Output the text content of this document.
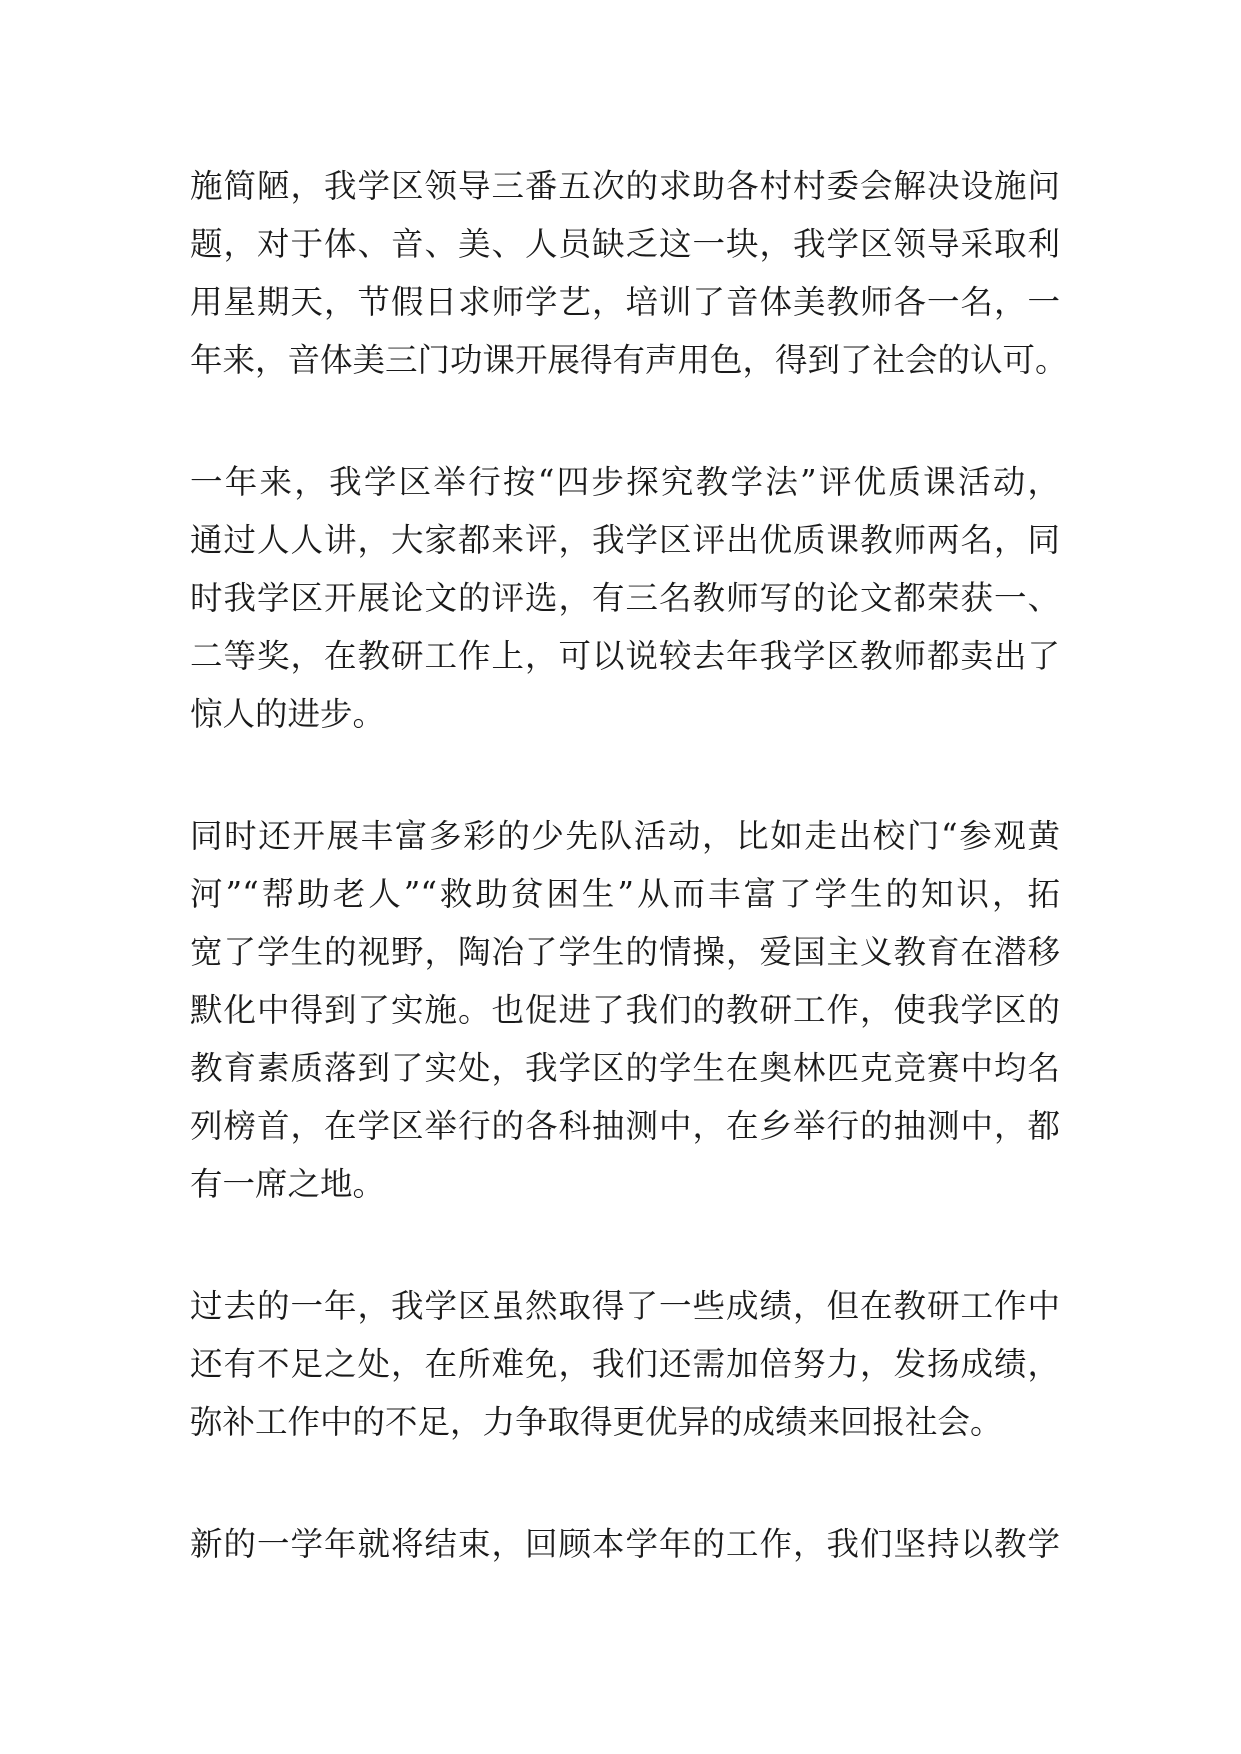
施简陋，我学区领导三番五次的求助各村村委会解决设施问

题，对于体、音、美、人员缺乏这一块，我学区领导采取利

用星期天，节假日求师学艺，培训了音体美教师各一名，一

年来，音体美三门功课开展得有声用色，得到了社会的认可。

一年来，我学区举行按“四步探究教学法”评优质课活动，

通过人人讲，大家都来评，我学区评出优质课教师两名，同

时我学区开展论文的评选，有三名教师写的论文都荣获一、

二等奖，在教研工作上，可以说较去年我学区教师都卖出了

惊人的进步。

同时还开展丰富多彩的少先队活动，比如走出校门“参观黄

河”“帮助老人”“救助贫困生”从而丰富了学生的知识，拓

宽了学生的视野，陶冶了学生的情操，爱国主义教育在潜移

默化中得到了实施。也促进了我们的教研工作，使我学区的

教育素质落到了实处，我学区的学生在奥林匹克竞赛中均名

列榜首，在学区举行的各科抽测中，在乡举行的抽测中，都

有一席之地。

过去的一年，我学区虽然取得了一些成绩，但在教研工作中

还有不足之处，在所难免，我们还需加倍努力，发扬成绩，

弥补工作中的不足，力争取得更优异的成绩来回报社会。

新的一学年就将结束，回顾本学年的工作，我们坚持以教学
